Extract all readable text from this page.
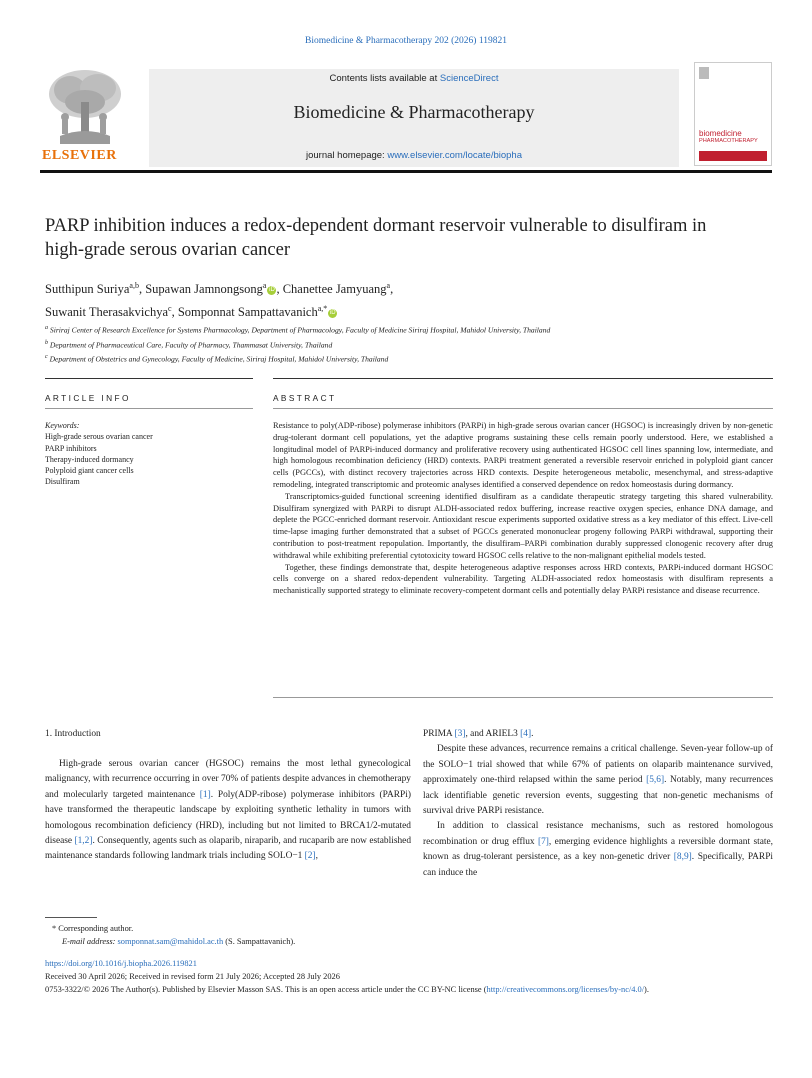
Biomedicine & Pharmacotherapy 202 (2026) 119821
Contents lists available at ScienceDirect
Biomedicine & Pharmacotherapy
journal homepage: www.elsevier.com/locate/biopha
ELSEVIER
biomedicine
PHARMACOTHERAPY
PARP inhibition induces a redox-dependent dormant reservoir vulnerable to disulfiram in high-grade serous ovarian cancer
Sutthipun Suriya$^{a,b}$, Supawan Jamnongsong$^a$iD , Chanettee Jamyuang$^a$,
Suwanit Therasakvichya$^c$, Somponnat Sampattavanich$^{a,*}$iD
$^a$ Siriraj Center of Research Excellence for Systems Pharmacology, Department of Pharmacology, Faculty of Medicine Siriraj Hospital, Mahidol University, Thailand
$^b$ Department of Pharmaceutical Care, Faculty of Pharmacy, Thammasat University, Thailand
$^c$ Department of Obstetrics and Gynecology, Faculty of Medicine, Siriraj Hospital, Mahidol University, Thailand
ARTICLE INFO
Keywords:
High-grade serous ovarian cancer
PARP inhibitors
Therapy-induced dormancy
Polyploid giant cancer cells
Disulfiram
ABSTRACT

Resistance to poly(ADP-ribose) polymerase inhibitors (PARPi) in high-grade serous ovarian cancer (HGSOC) is increasingly driven by non-genetic drug-tolerant dormant cell populations, yet the adaptive programs sustaining these cells remain poorly understood. Here, we established a longitudinal model of PARPi-induced dormancy and proliferative recovery using authenticated HGSOC cell lines spanning low, intermediate, and high homologous recombination deficiency (HRD) contexts. PARPi treatment generated a reversible reservoir enriched in polyploid giant cancer cells (PGCCs), with distinct recovery trajectories across HRD contexts. Despite heterogeneous metabolic, mesenchymal, and stress-adaptive remodeling, integrated transcriptomic and proteomic analyses identified a conserved dependence on redox homeostasis during dormancy.

Transcriptomics-guided functional screening identified disulfiram as a candidate therapeutic strategy targeting this shared vulnerability. Disulfiram synergized with PARPi to disrupt ALDH-associated redox buffering, increase reactive oxygen species, enhance DNA damage, and deplete the PGCC-enriched dormant reservoir. Antioxidant rescue experiments supported oxidative stress as a key mediator of this effect. Live-cell time-lapse imaging further demonstrated that a subset of PGCCs generated mononuclear progeny following PARPi withdrawal, supporting their contribution to post-treatment repopulation. Importantly, the disulfiram–PARPi combination durably suppressed clonogenic recovery after drug withdrawal while exhibiting preferential cytotoxicity toward HGSOC cells relative to the non-malignant epithelial models tested.

Together, these findings demonstrate that, despite heterogeneous adaptive responses across HRD contexts, PARPi-induced dormant HGSOC cells converge on a shared redox-dependent vulnerability. Targeting ALDH-associated redox homeostasis with disulfiram represents a mechanistically supported strategy to eliminate recovery-competent dormant cells and potentially delay PARPi resistance and disease recurrence.

1. Introduction

High-grade serous ovarian cancer (HGSOC) remains the most lethal gynecological malignancy, with recurrence occurring in over 70% of patients despite advances in chemotherapy and molecularly targeted maintenance [1]. Poly(ADP-ribose) polymerase inhibitors (PARPi) have transformed the therapeutic landscape by exploiting synthetic lethality in tumors with homologous recombination deficiency (HRD), including but not limited to BRCA1/2-mutated disease [1,2]. Consequently, agents such as olaparib, niraparib, and rucaparib are now established maintenance standards following landmark trials including SOLO−1 [2],

PRIMA [3], and ARIEL3 [4].

Despite these advances, recurrence remains a critical challenge. Seven-year follow-up of the SOLO−1 trial showed that while 67% of patients on olaparib maintenance survived, approximately one-third relapsed within the same period [5,6]. Notably, many recurrences lack identifiable genetic reversion events, suggesting that non-genetic mechanisms of survival drive PARPi resistance.

In addition to classical resistance mechanisms, such as restored homologous recombination or drug efflux [7], emerging evidence highlights a reversible dormant state, known as drug-tolerant persistence, as a key non-genetic driver [8,9]. Specifically, PARPi can induce the

* Corresponding author.
E-mail address: somponnat.sam@mahidol.ac.th (S. Sampattavanich).
https://doi.org/10.1016/j.biopha.2026.119821
Received 30 April 2026; Received in revised form 21 July 2026; Accepted 28 July 2026
0753-3322/© 2026 The Author(s). Published by Elsevier Masson SAS. This is an open access article under the CC BY-NC license (http://creativecommons.org/licenses/by-nc/4.0/).
